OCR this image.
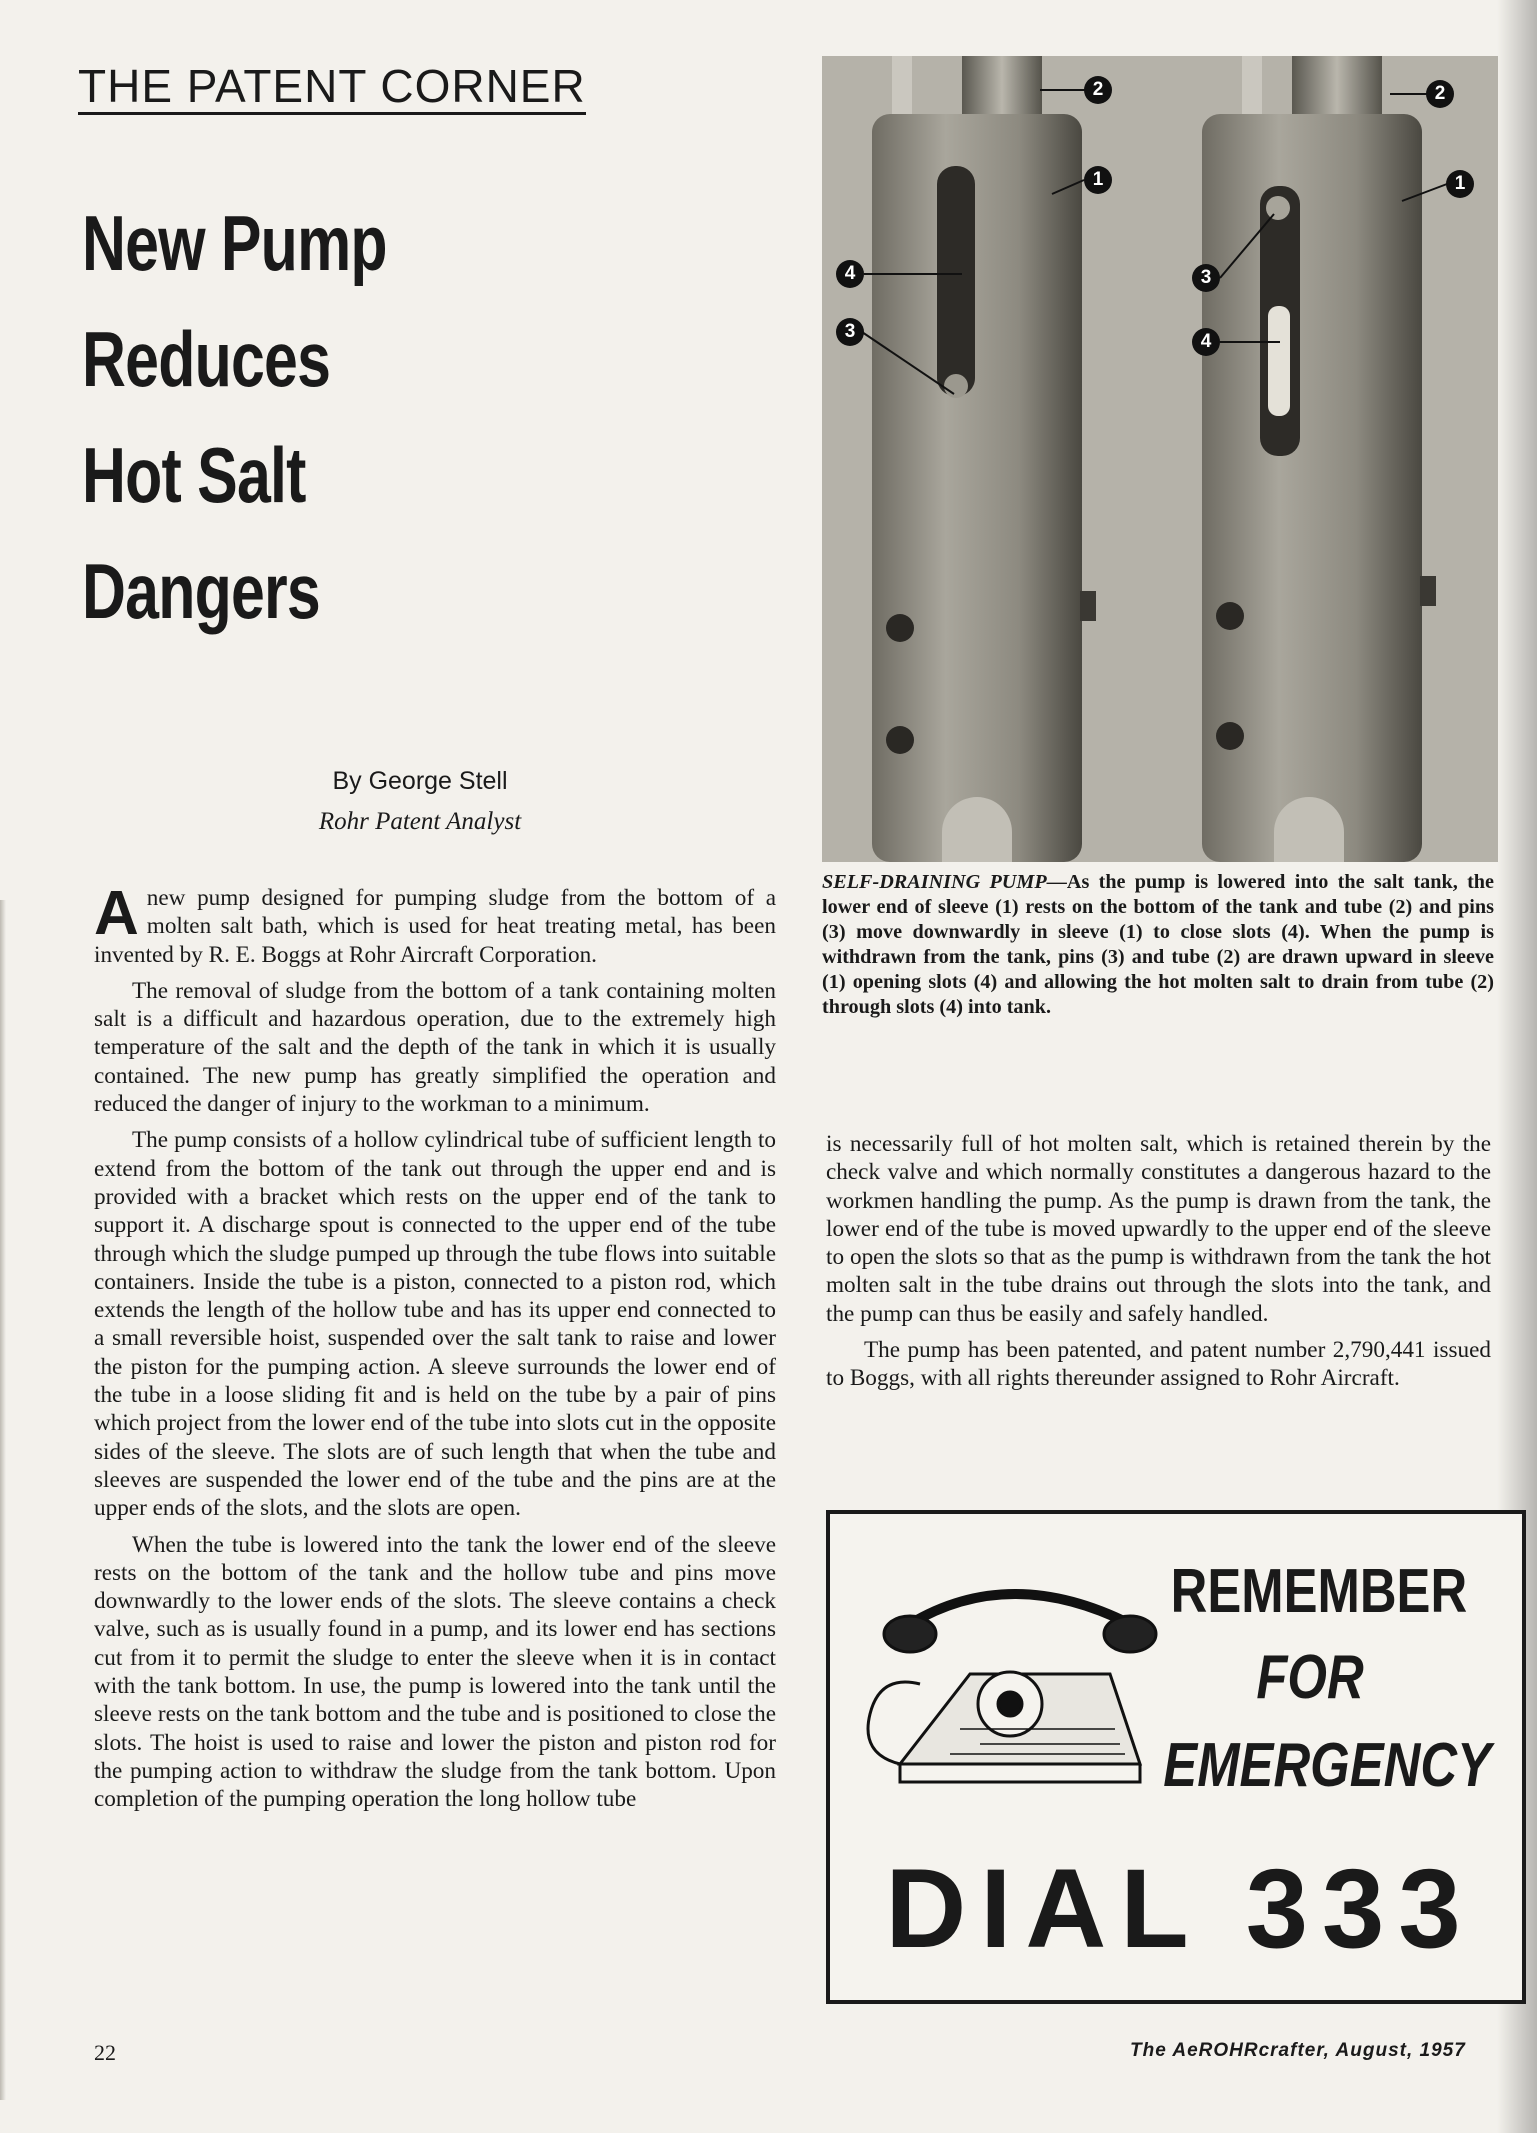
THE PATENT CORNER
New Pump
Reduces
Hot Salt
Dangers
By George Stell
Rohr Patent Analyst

Anew pump designed for pumping sludge from the bottom of a molten salt bath, which is used for heat treating metal, has been invented by R. E. Boggs at Rohr Aircraft Corporation.

The removal of sludge from the bottom of a tank containing molten salt is a difficult and hazardous operation, due to the extremely high temperature of the salt and the depth of the tank in which it is usually contained. The new pump has greatly simplified the operation and reduced the danger of injury to the workman to a minimum.

The pump consists of a hollow cylindrical tube of sufficient length to extend from the bottom of the tank out through the upper end and is provided with a bracket which rests on the upper end of the tank to support it. A discharge spout is connected to the upper end of the tube through which the sludge pumped up through the tube flows into suitable containers. Inside the tube is a piston, connected to a piston rod, which extends the length of the hollow tube and has its upper end connected to a small reversible hoist, suspended over the salt tank to raise and lower the piston for the pumping action. A sleeve surrounds the lower end of the tube in a loose sliding fit and is held on the tube by a pair of pins which project from the lower end of the tube into slots cut in the opposite sides of the sleeve. The slots are of such length that when the tube and sleeves are suspended the lower end of the tube and the pins are at the upper ends of the slots, and the slots are open.

When the tube is lowered into the tank the lower end of the sleeve rests on the bottom of the tank and the hollow tube and pins move downwardly to the lower ends of the slots. The sleeve contains a check valve, such as is usually found in a pump, and its lower end has sections cut from it to permit the sludge to enter the sleeve when it is in contact with the tank bottom. In use, the pump is lowered into the tank until the sleeve rests on the tank bottom and the tube and is positioned to close the slots. The hoist is used to raise and lower the piston and piston rod for the pumping action to withdraw the sludge from the tank bottom. Upon completion of the pumping operation the long hollow tube

2
1
4
3
2
1
3
4
SELF-DRAINING PUMP—As the pump is lowered into the salt tank, the lower end of sleeve (1) rests on the bottom of the tank and tube (2) and pins (3) move downwardly in sleeve (1) to close slots (4). When the pump is withdrawn from the tank, pins (3) and tube (2) are drawn upward in sleeve (1) opening slots (4) and allowing the hot molten salt to drain from tube (2) through slots (4) into tank.

is necessarily full of hot molten salt, which is retained therein by the check valve and which normally constitutes a dangerous hazard to the workmen handling the pump. As the pump is drawn from the tank, the lower end of the tube is moved upwardly to the upper end of the sleeve to open the slots so that as the pump is withdrawn from the tank the hot molten salt in the tube drains out through the slots into the tank, and the pump can thus be easily and safely handled.

The pump has been patented, and patent number 2,790,441 issued to Boggs, with all rights thereunder assigned to Rohr Aircraft.

REMEMBER
FOR
EMERGENCY
DIAL 333
22	The AeROHRcrafter, August, 1957
